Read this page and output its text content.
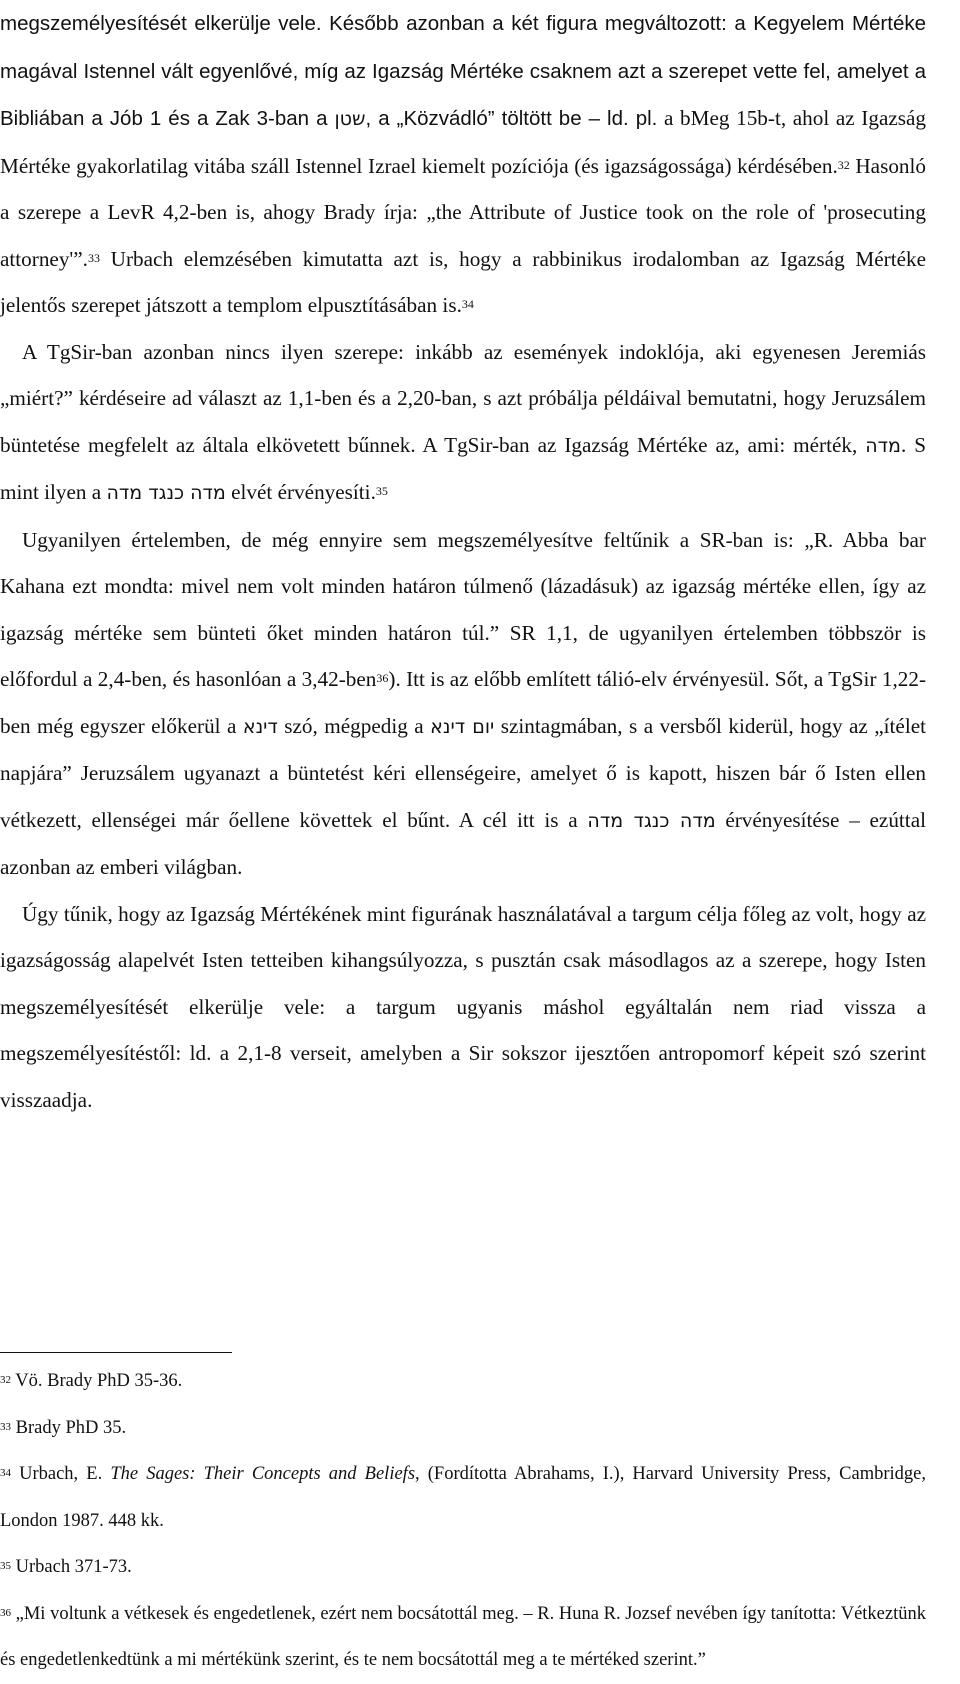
megszemélyesítését elkerülje vele. Később azonban a két figura megváltozott: a Kegyelem Mértéke magával Istennel vált egyenlővé, míg az Igazság Mértéke csaknem azt a szerepet vette fel, amelyet a Bibliában a Jób 1 és a Zak 3-ban a שטן, a „Közvádló” töltött be – ld. pl. a bMeg 15b-t, ahol az Igazság Mértéke gyakorlatilag vitába száll Istennel Izrael kiemelt pozíciója (és igazságossága) kérdésében.$^{32}$ Hasonló a szerepe a LevR 4,2-ben is, ahogy Brady írja: „the Attribute of Justice took on the role of 'prosecuting attorney'”.$^{33}$ Urbach elemzésében kimutatta azt is, hogy a rabbinikus irodalomban az Igazság Mértéke jelentős szerepet játszott a templom elpusztításában is.$^{34}$

A TgSir-ban azonban nincs ilyen szerepe: inkább az események indoklója, aki egyenesen Jeremiás „miért?” kérdéseire ad választ az 1,1-ben és a 2,20-ban, s azt próbálja példáival bemutatni, hogy Jeruzsálem büntetése megfelelt az általa elkövetett bűnnek. A TgSir-ban az Igazság Mértéke az, ami: mérték, מדה. S mint ilyen a מדה כנגד מדה elvét érvényesíti.$^{35}$

Ugyanilyen értelemben, de még ennyire sem megszemélyesítve feltűnik a SR-ban is: „R. Abba bar Kahana ezt mondta: mivel nem volt minden határon túlmenő (lázadásuk) az igazság mértéke ellen, így az igazság mértéke sem bünteti őket minden határon túl.” SR 1,1, de ugyanilyen értelemben többször is előfordul a 2,4-ben, és hasonlóan a 3,42-ben$^{36}$). Itt is az előbb említett tálió-elv érvényesül. Sőt, a TgSir 1,22-ben még egyszer előkerül a דינא szó, mégpedig a יום דינא szintagmában, s a versből kiderül, hogy az „ítélet napjára” Jeruzsálem ugyanazt a büntetést kéri ellenségeire, amelyet ő is kapott, hiszen bár ő Isten ellen vétkezett, ellenségei már őellene követtek el bűnt. A cél itt is a מדה כנגד מדה érvényesítése – ezúttal azonban az emberi világban.

Úgy tűnik, hogy az Igazság Mértékének mint figurának használatával a targum célja főleg az volt, hogy az igazságosság alapelvét Isten tetteiben kihangsúlyozza, s pusztán csak másodlagos az a szerepe, hogy Isten megszemélyesítését elkerülje vele: a targum ugyanis máshol egyáltalán nem riad vissza a megszemélyesítéstől: ld. a 2,1-8 verseit, amelyben a Sir sokszor ijesztően antropomorf képeit szó szerint visszaadja.

$^{32}$ Vö. Brady PhD 35-36.

$^{33}$ Brady PhD 35.

$^{34}$ Urbach, E. The Sages: Their Concepts and Beliefs, (Fordította Abrahams, I.), Harvard University Press, Cambridge, London 1987. 448 kk.

$^{35}$ Urbach 371-73.

$^{36}$ „Mi voltunk a vétkesek és engedetlenek, ezért nem bocsátottál meg. – R. Huna R. Jozsef nevében így tanította: Vétkeztünk és engedetlenkedtünk a mi mértékünk szerint, és te nem bocsátottál meg a te mértéked szerint.”
